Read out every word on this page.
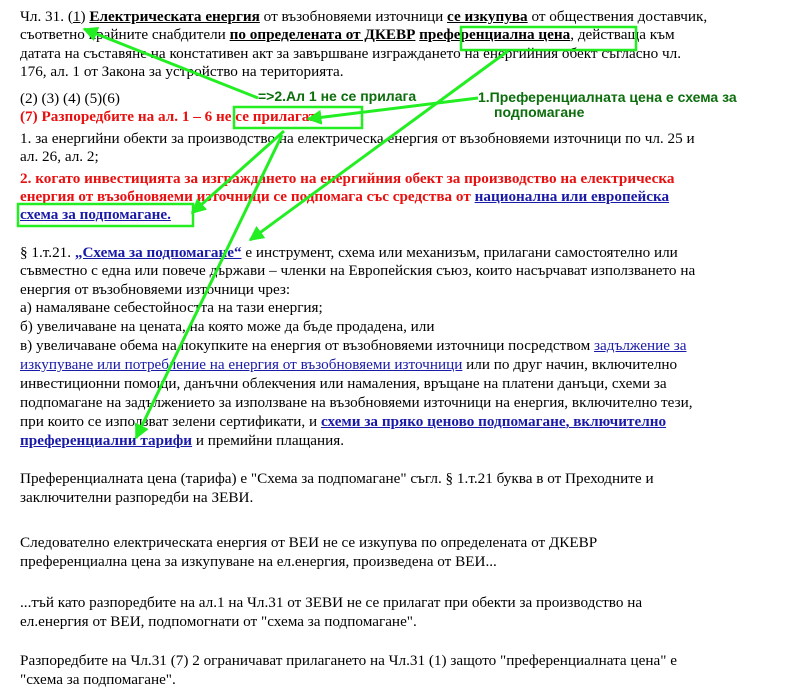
Чл. 31. (1) Електрическата енергия от възобновяеми източници се изкупува от обществения доставчик,
съответно крайните снабдители по определената от ДКЕВР преференциална цена, действаща към
датата на съставяне на констативен акт за завършване изграждането на енергийния обект съгласно чл.
176, ал. 1 от Закона за устройство на територията.
(2) (3) (4) (5)(6)
(7) Разпоредбите на ал. 1 – 6 не се прилагат:
1. за енергийни обекти за производство на електрическа енергия от възобновяеми източници по чл. 25 и
ал. 26, ал. 2;
2. когато инвестицията за изграждането на енергийния обект за производство на електрическа
енергия от възобновяеми източници се подпомага със средства от национална или европейска
схема за подпомагане.
§ 1.т.21. „Схема за подпомагане“ е инструмент, схема или механизъм, прилагани самостоятелно или
съвместно с една или повече държави – членки на Европейския съюз, които насърчават използването на
енергия от възобновяеми източници чрез:
а) намаляване себестойността на тази енергия;
б) увеличаване на цената, на която може да бъде продадена, или
в) увеличаване обема на покупките на енергия от възобновяеми източници посредством задължение за
изкупуване или потребление на енергия от възобновяеми източници или по друг начин, включително
инвестиционни помощи, данъчни облекчения или намаления, връщане на платени данъци, схеми за
подпомагане на задължението за използване на възобновяеми източници на енергия, включително тези,
при които се използват зелени сертификати, и схеми за пряко ценово подпомагане, включително
преференциални тарифи и премийни плащания.
Преференциалната цена (тарифа) е "Схема за подпомагане" съгл. § 1.т.21 буква в от Преходните и
заключителни разпоредби на ЗЕВИ.
Следователно електрическата енергия от ВЕИ не се изкупува по определената от ДКЕВР
преференциална цена за изкупуване на ел.енергия, произведена от ВЕИ...
...тъй като разпоредбите на ал.1 на Чл.31 от ЗЕВИ не се прилагат при обекти за производство на
ел.енергия от ВЕИ, подпомогнати от "схема за подпомагане".
Разпоредбите на Чл.31 (7) 2 ограничават прилагането на Чл.31 (1) защото "преференциалната цена" е
"схема за подпомагане".
=>2.Ал 1 не се прилага	1.Преференциалната цена е схема за
подпомагане
